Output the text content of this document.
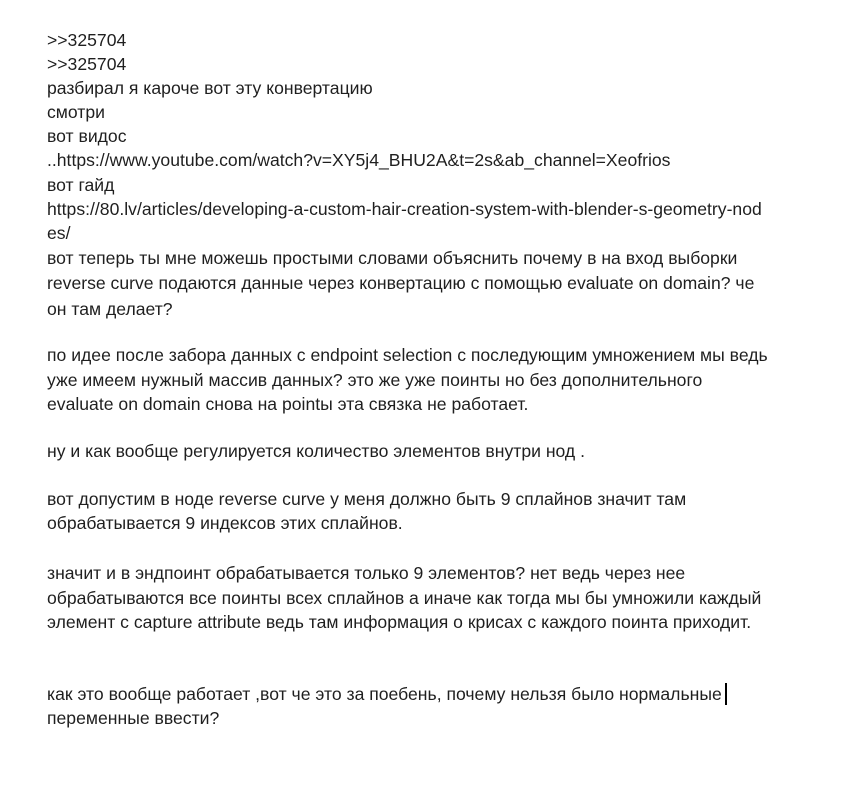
>>325704
>>325704
разбирал я кароче вот эту конвертацию
смотри
вот видос
..https://www.youtube.com/watch?v=XY5j4_BHU2A&t=2s&ab_channel=Xeofrios
вот гайд
https://80.lv/articles/developing-a-custom-hair-creation-system-with-blender-s-geometry-nod
es/
вот теперь ты мне можешь простыми словами объяснить почему в на вход выборки
reverse curve подаются данные через конвертацию с помощью evaluate on domain? че
он там делает?
по идее после забора данных с endpoint selection с последующим умножением мы ведь
уже имеем нужный массив данных? это же уже поинты но без дополнительного
evaluate on domain снова на pointы эта связка не работает.
ну и как вообще регулируется количество элементов внутри нод .
вот допустим в ноде reverse curve у меня должно быть 9 сплайнов значит там
обрабатывается 9 индексов этих сплайнов.
значит и в эндпоинт обрабатывается только 9 элементов? нет ведь через нее
обрабатываются все поинты всех сплайнов а иначе как тогда мы бы умножили каждый
элемент с capture attribute ведь там информация о крисах с каждого поинта приходит.
как это вообще работает ,вот че это за поебень, почему нельзя было нормальные
переменные ввести?
